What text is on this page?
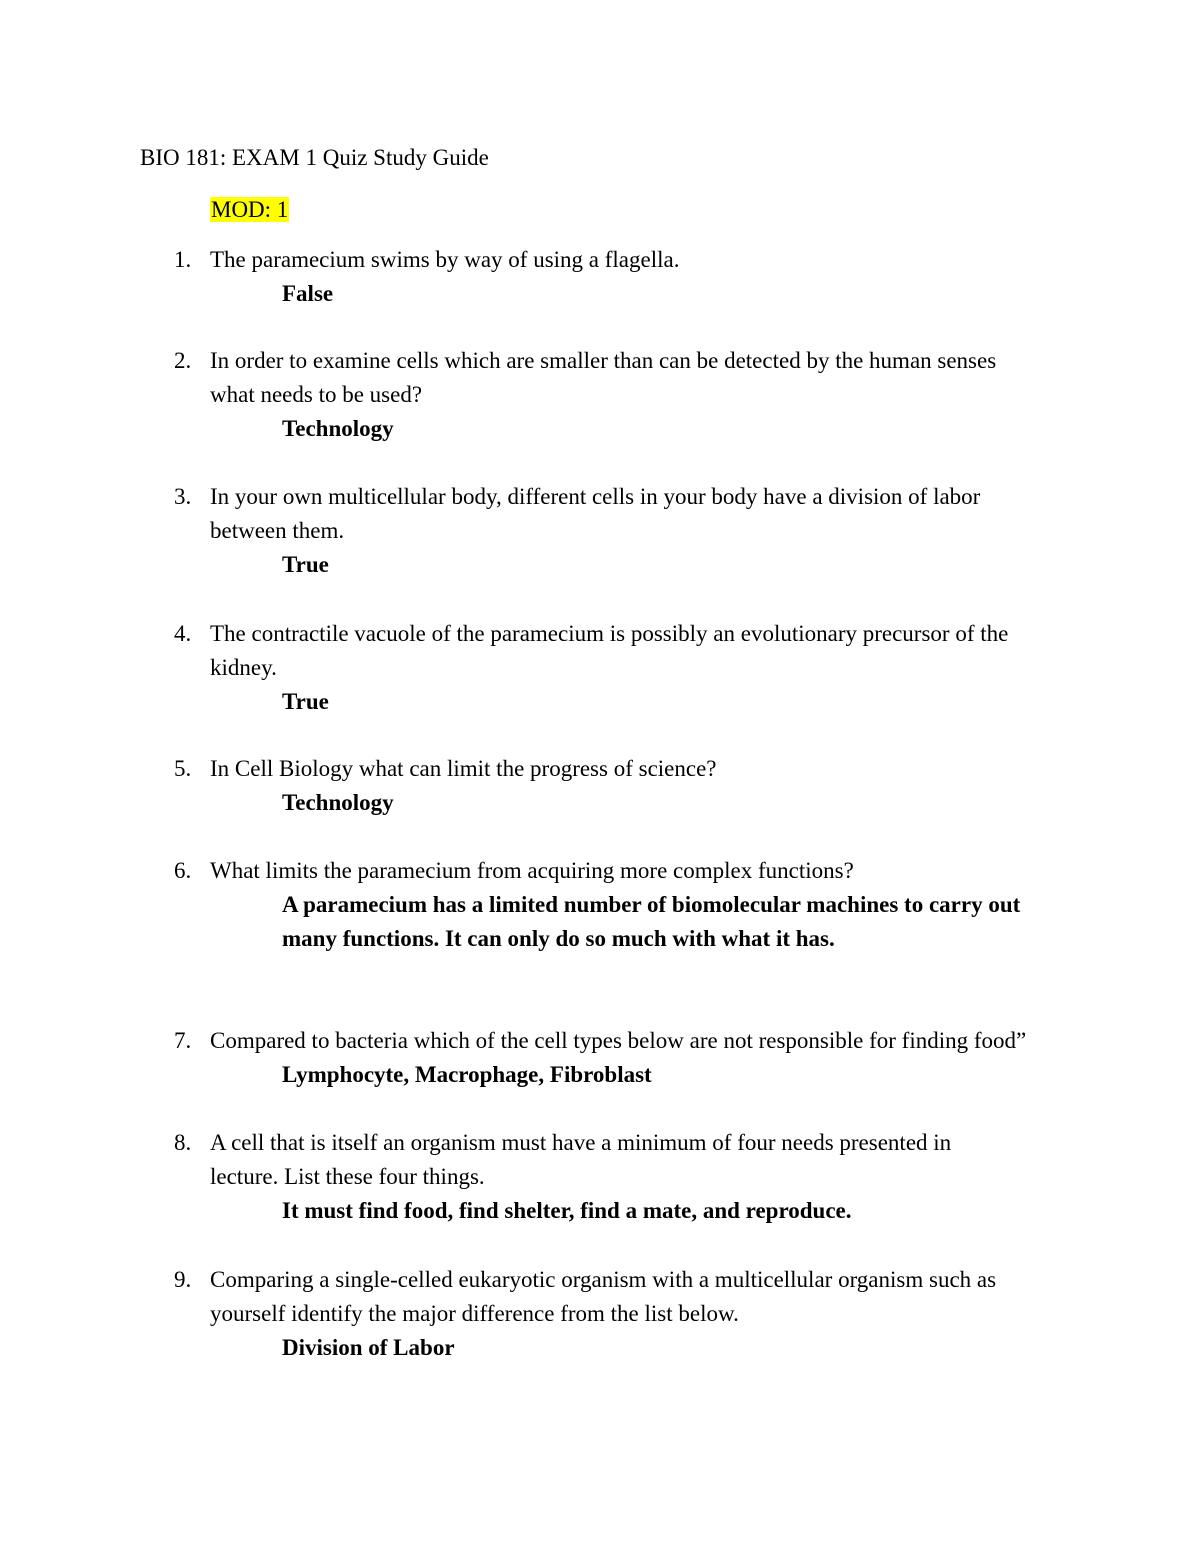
BIO 181: EXAM 1 Quiz Study Guide
MOD: 1
1. The paramecium swims by way of using a flagella.
False
2. In order to examine cells which are smaller than can be detected by the human senses what needs to be used?
Technology
3. In your own multicellular body, different cells in your body have a division of labor between them.
True
4. The contractile vacuole of the paramecium is possibly an evolutionary precursor of the kidney.
True
5. In Cell Biology what can limit the progress of science?
Technology
6. What limits the paramecium from acquiring more complex functions?
A paramecium has a limited number of biomolecular machines to carry out many functions. It can only do so much with what it has.
7. Compared to bacteria which of the cell types below are not responsible for finding food”
Lymphocyte, Macrophage, Fibroblast
8. A cell that is itself an organism must have a minimum of four needs presented in lecture. List these four things.
It must find food, find shelter, find a mate, and reproduce.
9. Comparing a single-celled eukaryotic organism with a multicellular organism such as yourself identify the major difference from the list below.
Division of Labor
